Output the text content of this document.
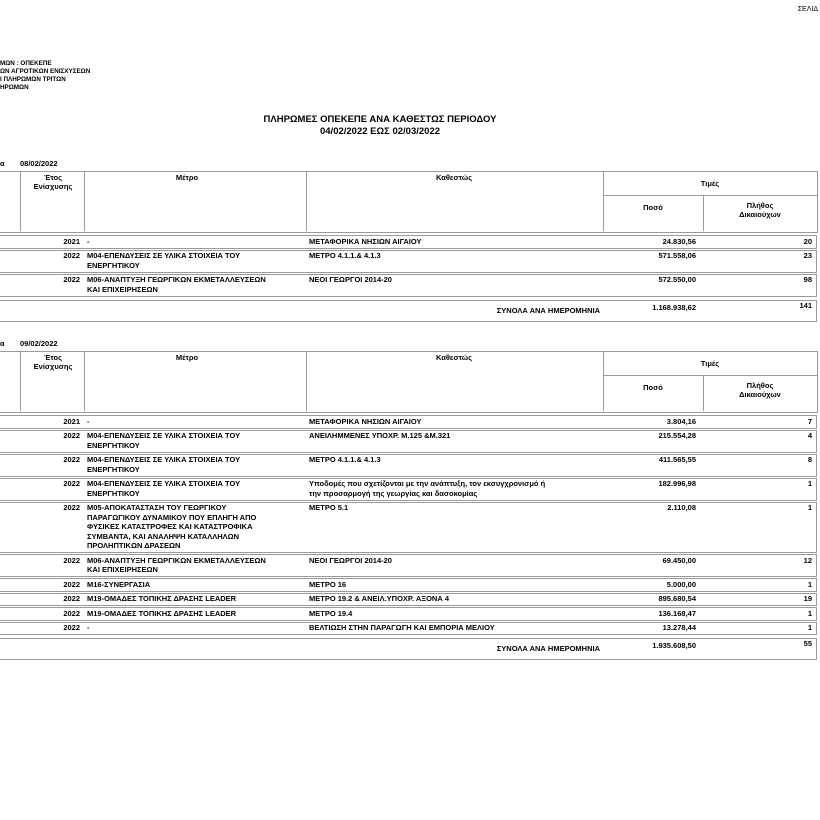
ΣΕΛΙΔ
ΜΩΝ : ΟΠΕΚΕΠΕ
ΩΝ ΑΓΡΟΤΙΚΩΝ ΕΝΙΣΧΥΣΕΩΝ
Ι ΠΛΗΡΩΜΩΝ ΤΡΙΤΩΝ
ΗΡΩΜΩΝ
ΠΛΗΡΩΜΕΣ ΟΠΕΚΕΠΕ ΑΝΑ ΚΑΘΕΣΤΩΣ ΠΕΡΙΟΔΟΥ
04/02/2022 ΕΩΣ 02/03/2022
α 08/02/2022
Έτος
Ενίσχυσης
Μέτρο	Καθεστώς
Τιμές
Ποσό	Πλήθος
Δικαιούχων
2021 -	ΜΕΤΑΦΟΡΙΚΑ ΝΗΣΙΩΝ ΑΙΓΑΙΟΥ	24.830,56	20
2022 Μ04-ΕΠΕΝΔΥΣΕΙΣ ΣΕ ΥΛΙΚΑ ΣΤΟΙΧΕΙΑ ΤΟΥ
ΕΝΕΡΓΗΤΙΚΟΥ
ΜΕΤΡΟ 4.1.1.& 4.1.3	571.558,06	23
2022 Μ06-ΑΝΑΠΤΥΞΗ ΓΕΩΡΓΙΚΩΝ ΕΚΜΕΤΑΛΛΕΥΣΕΩΝ
ΚΑΙ ΕΠΙΧΕΙΡΗΣΕΩΝ
ΝΕΟΙ ΓΕΩΡΓΟΙ 2014-20	572.550,00	98
ΣΥΝΟΛΑ ΑΝΑ ΗΜΕΡΟΜΗΝΙΑ	1.168.938,62	141
α 09/02/2022
Έτος
Ενίσχυσης
Μέτρο	Καθεστώς
Τιμές
Ποσό	Πλήθος
Δικαιούχων
2021 -	ΜΕΤΑΦΟΡΙΚΑ ΝΗΣΙΩΝ ΑΙΓΑΙΟΥ	3.804,16	7
2022 Μ04-ΕΠΕΝΔΥΣΕΙΣ ΣΕ ΥΛΙΚΑ ΣΤΟΙΧΕΙΑ ΤΟΥ
ΕΝΕΡΓΗΤΙΚΟΥ
ΑΝΕΙΛΗΜΜΕΝΕΣ ΥΠΟΧΡ. Μ.125 &Μ.321	215.554,28	4
2022 Μ04-ΕΠΕΝΔΥΣΕΙΣ ΣΕ ΥΛΙΚΑ ΣΤΟΙΧΕΙΑ ΤΟΥ
ΕΝΕΡΓΗΤΙΚΟΥ
ΜΕΤΡΟ 4.1.1.& 4.1.3	411.565,55	8
2022 Μ04-ΕΠΕΝΔΥΣΕΙΣ ΣΕ ΥΛΙΚΑ ΣΤΟΙΧΕΙΑ ΤΟΥ
ΕΝΕΡΓΗΤΙΚΟΥ
Υποδομές που σχετίζονται με την ανάπτυξη, τον εκσυγχρονισμό ή
την προσαρμογή της γεωργίας και δασοκομίας
182.996,98	1
2022 Μ05-ΑΠΟΚΑΤΑΣΤΑΣΗ ΤΟΥ ΓΕΩΡΓΙΚΟΥ
ΠΑΡΑΓΩΓΙΚΟΥ ΔΥΝΑΜΙΚΟΥ ΠΟΥ ΕΠΛΗΓΗ ΑΠΟ
ΦΥΣΙΚΕΣ ΚΑΤΑΣΤΡΟΦΕΣ ΚΑΙ ΚΑΤΑΣΤΡΟΦΙΚΑ
ΣΥΜΒΑΝΤΑ, ΚΑΙ ΑΝΑΛΗΨΗ ΚΑΤΑΛΛΗΛΩΝ
ΠΡΟΛΗΠΤΙΚΩΝ ΔΡΑΣΕΩΝ
ΜΕΤΡΟ 5.1	2.110,08	1
2022 Μ06-ΑΝΑΠΤΥΞΗ ΓΕΩΡΓΙΚΩΝ ΕΚΜΕΤΑΛΛΕΥΣΕΩΝ
ΚΑΙ ΕΠΙΧΕΙΡΗΣΕΩΝ
ΝΕΟΙ ΓΕΩΡΓΟΙ 2014-20	69.450,00	12
2022 Μ16-ΣΥΝΕΡΓΑΣΙΑ	ΜΕΤΡΟ 16	5.000,00	1
2022 Μ19-ΟΜΑΔΕΣ ΤΟΠΙΚΗΣ ΔΡΑΣΗΣ LEADER	ΜΕΤΡΟ 19.2 & ΑΝΕΙΛ.ΥΠΟΧΡ. ΑΞΟΝΑ 4	895.680,54	19
2022 Μ19-ΟΜΑΔΕΣ ΤΟΠΙΚΗΣ ΔΡΑΣΗΣ LEADER	ΜΕΤΡΟ 19.4	136.168,47	1
2022 -	ΒΕΛΤΙΩΣΗ ΣΤΗΝ ΠΑΡΑΓΩΓΗ ΚΑΙ ΕΜΠΟΡΙΑ ΜΕΛΙΟΥ	13.278,44	1
ΣΥΝΟΛΑ ΑΝΑ ΗΜΕΡΟΜΗΝΙΑ	1.935.608,50	55
